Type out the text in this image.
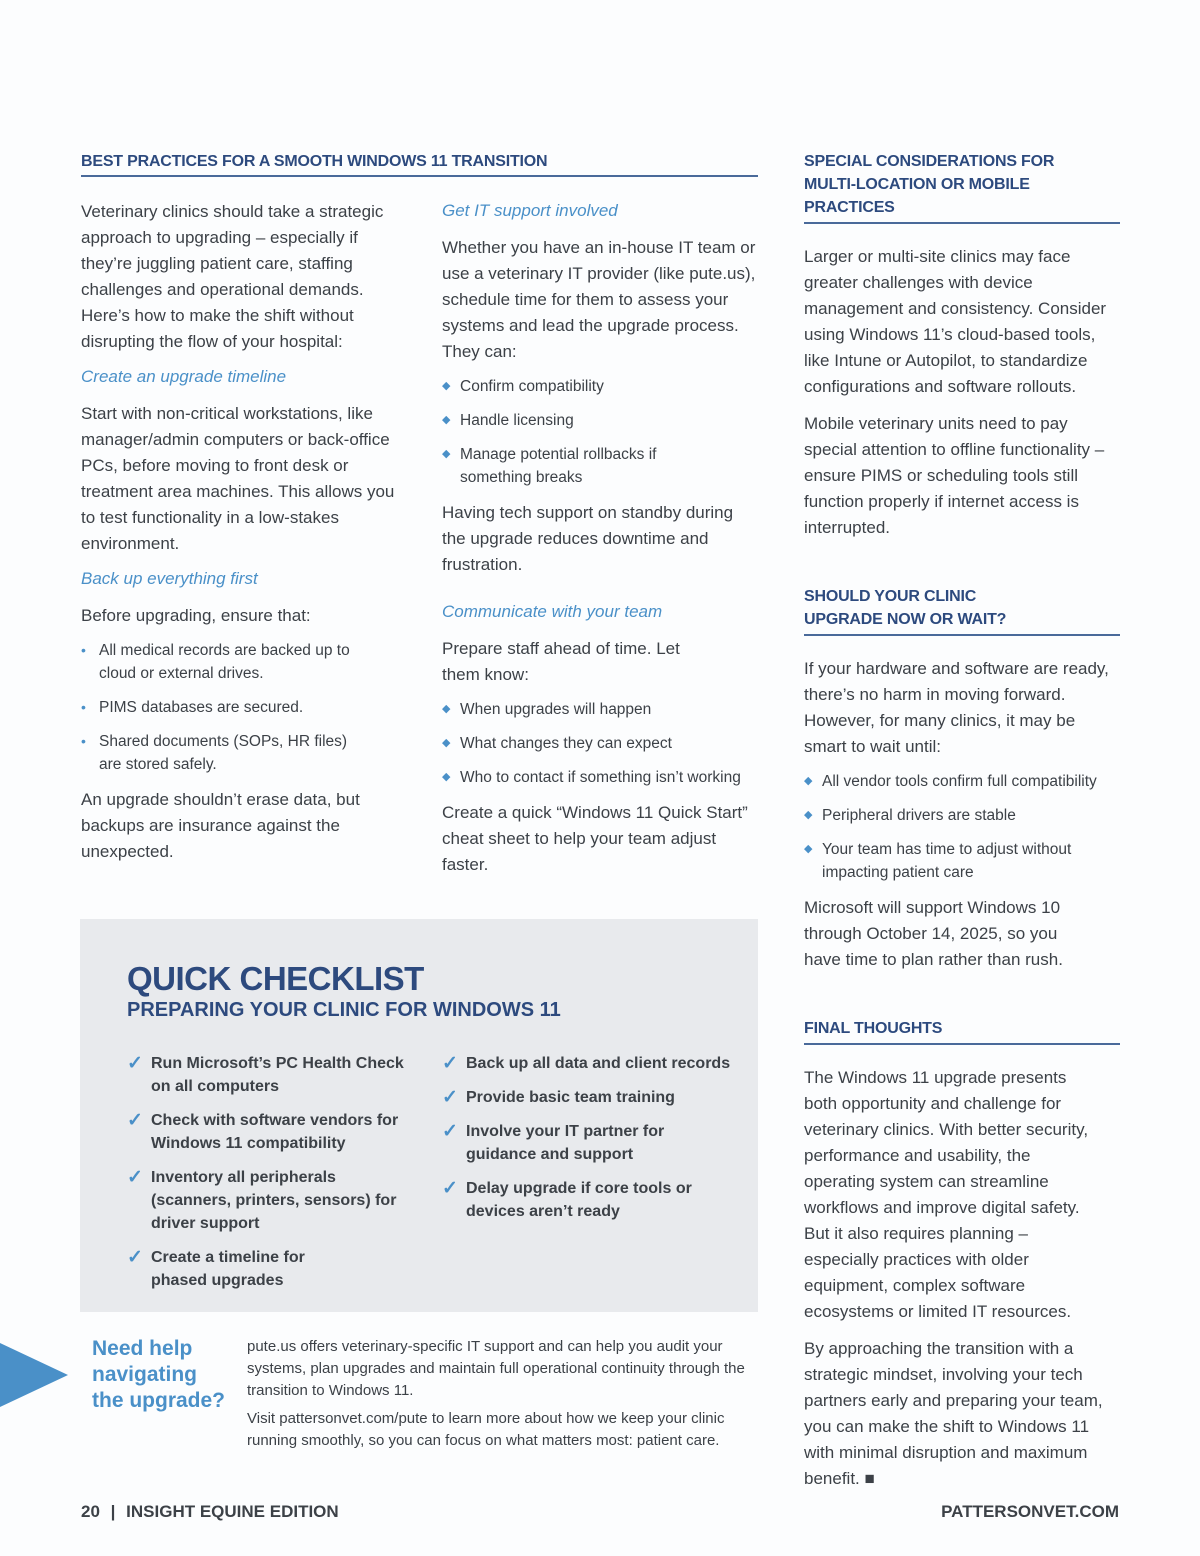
BEST PRACTICES FOR A SMOOTH WINDOWS 11 TRANSITION
Veterinary clinics should take a strategic approach to upgrading – especially if they’re juggling patient care, staffing challenges and operational demands. Here’s how to make the shift without disrupting the flow of your hospital:
Create an upgrade timeline
Start with non-critical workstations, like manager/admin computers or back-office PCs, before moving to front desk or treatment area machines. This allows you to test functionality in a low-stakes environment.
Back up everything first
Before upgrading, ensure that:
• All medical records are backed up to cloud or external drives.
• PIMS databases are secured.
• Shared documents (SOPs, HR files) are stored safely.
An upgrade shouldn’t erase data, but backups are insurance against the unexpected.
Get IT support involved
Whether you have an in-house IT team or use a veterinary IT provider (like pute.us), schedule time for them to assess your systems and lead the upgrade process. They can:
◆ Confirm compatibility
◆ Handle licensing
◆ Manage potential rollbacks if something breaks
Having tech support on standby during the upgrade reduces downtime and frustration.
Communicate with your team
Prepare staff ahead of time. Let them know:
◆ When upgrades will happen
◆ What changes they can expect
◆ Who to contact if something isn’t working
Create a quick “Windows 11 Quick Start” cheat sheet to help your team adjust faster.
SPECIAL CONSIDERATIONS FOR
MULTI-LOCATION OR MOBILE PRACTICES
Larger or multi-site clinics may face greater challenges with device management and consistency. Consider using Windows 11’s cloud-based tools, like Intune or Autopilot, to standardize configurations and software rollouts.
Mobile veterinary units need to pay special attention to offline functionality – ensure PIMS or scheduling tools still function properly if internet access is interrupted.
SHOULD YOUR CLINIC
UPGRADE NOW OR WAIT?
If your hardware and software are ready, there’s no harm in moving forward. However, for many clinics, it may be smart to wait until:
◆ All vendor tools confirm full compatibility
◆ Peripheral drivers are stable
◆ Your team has time to adjust without impacting patient care
Microsoft will support Windows 10 through October 14, 2025, so you have time to plan rather than rush.
FINAL THOUGHTS
The Windows 11 upgrade presents both opportunity and challenge for veterinary clinics. With better security, performance and usability, the operating system can streamline workflows and improve digital safety. But it also requires planning – especially practices with older equipment, complex software ecosystems or limited IT resources.
By approaching the transition with a strategic mindset, involving your tech partners early and preparing your team, you can make the shift to Windows 11 with minimal disruption and maximum benefit. ■
QUICK CHECKLIST
PREPARING YOUR CLINIC FOR WINDOWS 11
✓ Run Microsoft’s PC Health Check on all computers
✓ Check with software vendors for Windows 11 compatibility
✓ Inventory all peripherals (scanners, printers, sensors) for driver support
✓ Create a timeline for phased upgrades
✓ Back up all data and client records
✓ Provide basic team training
✓ Involve your IT partner for guidance and support
✓ Delay upgrade if core tools or devices aren’t ready
Need help navigating the upgrade?
pute.us offers veterinary-specific IT support and can help you audit your systems, plan upgrades and maintain full operational continuity through the transition to Windows 11.
Visit pattersonvet.com/pute to learn more about how we keep your clinic running smoothly, so you can focus on what matters most: patient care.
20 | INSIGHT EQUINE EDITION	PATTERSONVET.COM
